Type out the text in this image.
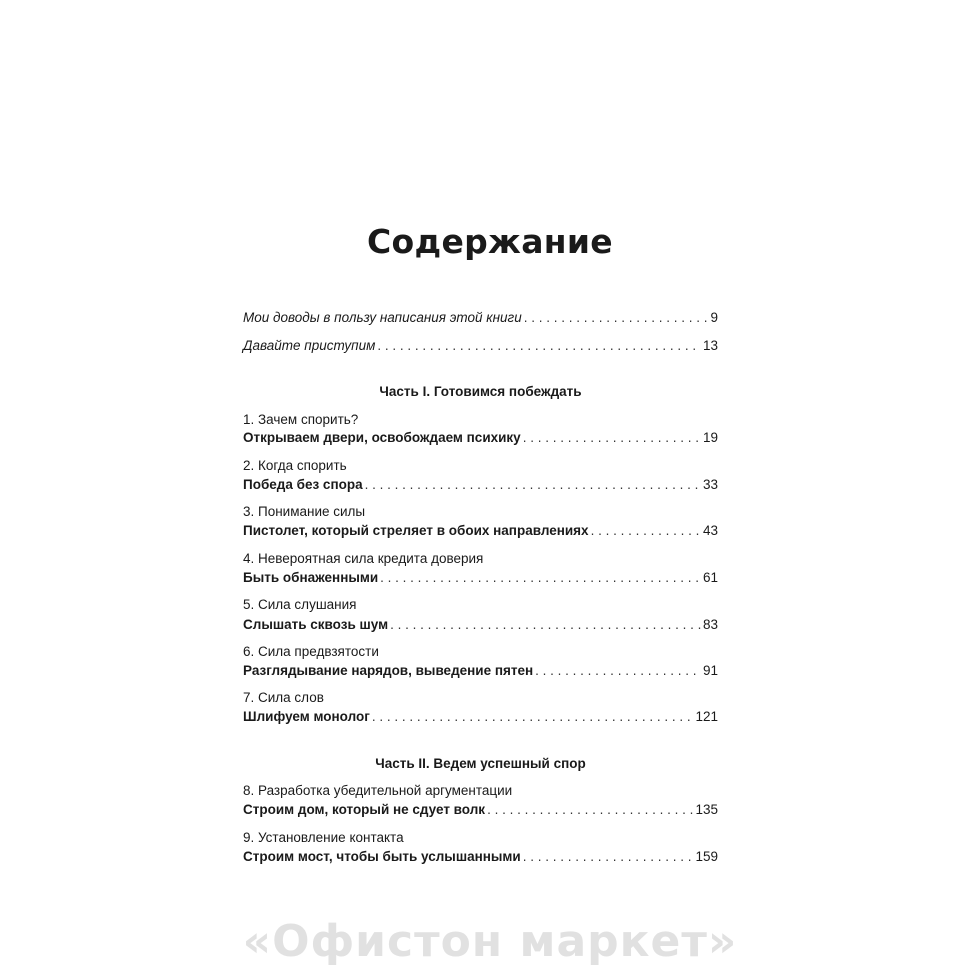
Содержание
Мои доводы в пользу написания этой книги . . .	9
Давайте приступим . . .	13
Часть I. Готовимся побеждать
1. Зачем спорить?
Открываем двери, освобождаем психику . . .	19
2. Когда спорить
Победа без спора . . .	33
3. Понимание силы
Пистолет, который стреляет в обоих направлениях . . .	43
4. Невероятная сила кредита доверия
Быть обнаженными . . .	61
5. Сила слушания
Слышать сквозь шум . . .	83
6. Сила предвзятости
Разглядывание нарядов, выведение пятен . . .	91
7. Сила слов
Шлифуем монолог . . .	121
Часть II. Ведем успешный спор
8. Разработка убедительной аргументации
Строим дом, который не сдует волк . . .	135
9. Установление контакта
Строим мост, чтобы быть услышанными . . .	159
«Офистон маркет»
